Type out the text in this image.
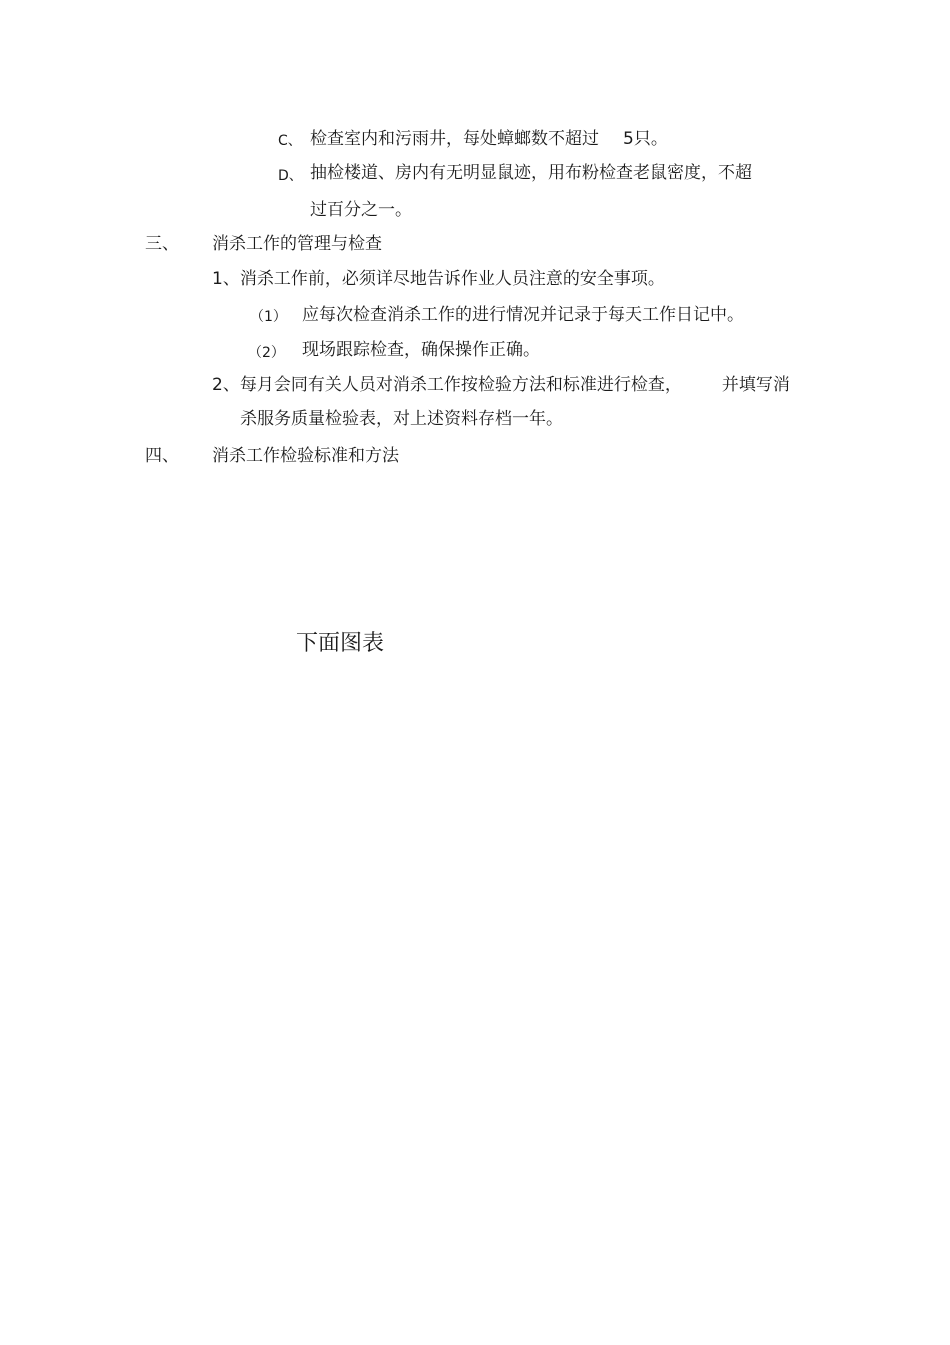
C、 检查室内和污雨井，每处蟑螂数不超过 5只。
D、 抽检楼道、房内有无明显鼠迹，用布粉检查老鼠密度，不超
过百分之一。
三、 消杀工作的管理与检查
1、消杀工作前，必须详尽地告诉作业人员注意的安全事项。
（1） 应每次检查消杀工作的进行情况并记录于每天工作日记中。
（2） 现场跟踪检查，确保操作正确。
2、每月会同有关人员对消杀工作按检验方法和标准进行检查， 并填写消
杀服务质量检验表，对上述资料存档一年。
四、 消杀工作检验标准和方法
下面图表
